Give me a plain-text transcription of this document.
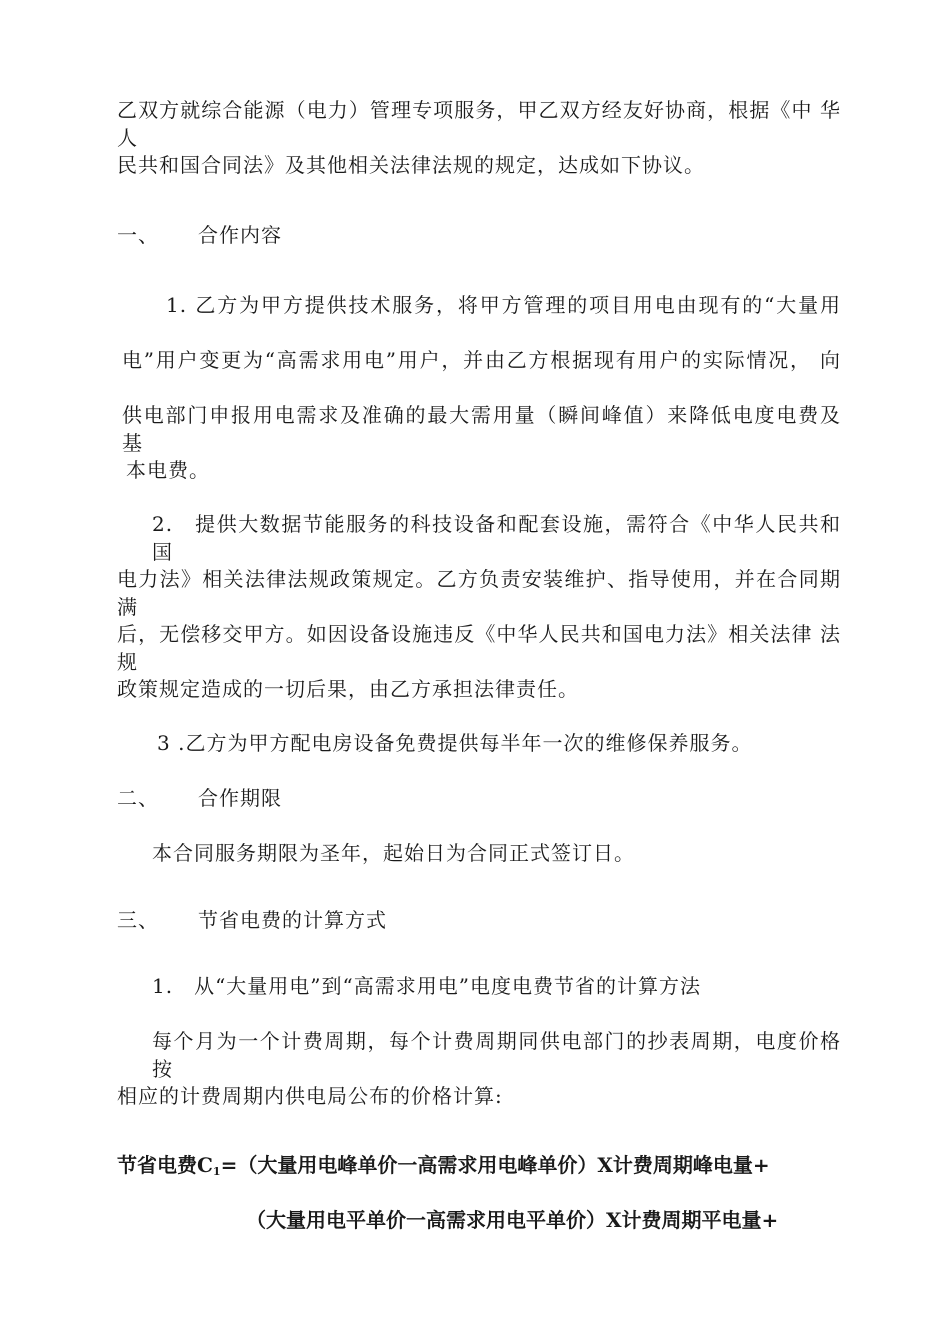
乙双方就综合能源（电力）管理专项服务，甲乙双方经友好协商，根据《中 华人
民共和国合同法》及其他相关法律法规的规定，达成如下协议。
一、 合作内容
1. 乙方为甲方提供技术服务，将甲方管理的项目用电由现有的“大量用
电”用户变更为“高需求用电”用户，并由乙方根据现有用户的实际情况， 向
供电部门申报用电需求及准确的最大需用量（瞬间峰值）来降低电度电费及 基
本电费。
2.　提供大数据节能服务的科技设备和配套设施，需符合《中华人民共和国
电力法》相关法律法规政策规定。乙方负责安装维护、指导使用，并在合同期 满
后，无偿移交甲方。如因设备设施违反《中华人民共和国电力法》相关法律 法规
政策规定造成的一切后果，由乙方承担法律责任。
3 .乙方为甲方配电房设备免费提供每半年一次的维修保养服务。
二、 合作期限
本合同服务期限为圣年，起始日为合同正式签订日。
三、 节省电费的计算方式
1.　从“大量用电”到“高需求用电”电度电费节省的计算方法
每个月为一个计费周期，每个计费周期同供电部门的抄表周期，电度价格 按
相应的计费周期内供电局公布的价格计算:
节省电费$C_1=$（大量用电峰单价一高需求用电峰单价）X计费周期峰电量+
（大量用电平单价一高需求用电平单价）X计费周期平电量+
